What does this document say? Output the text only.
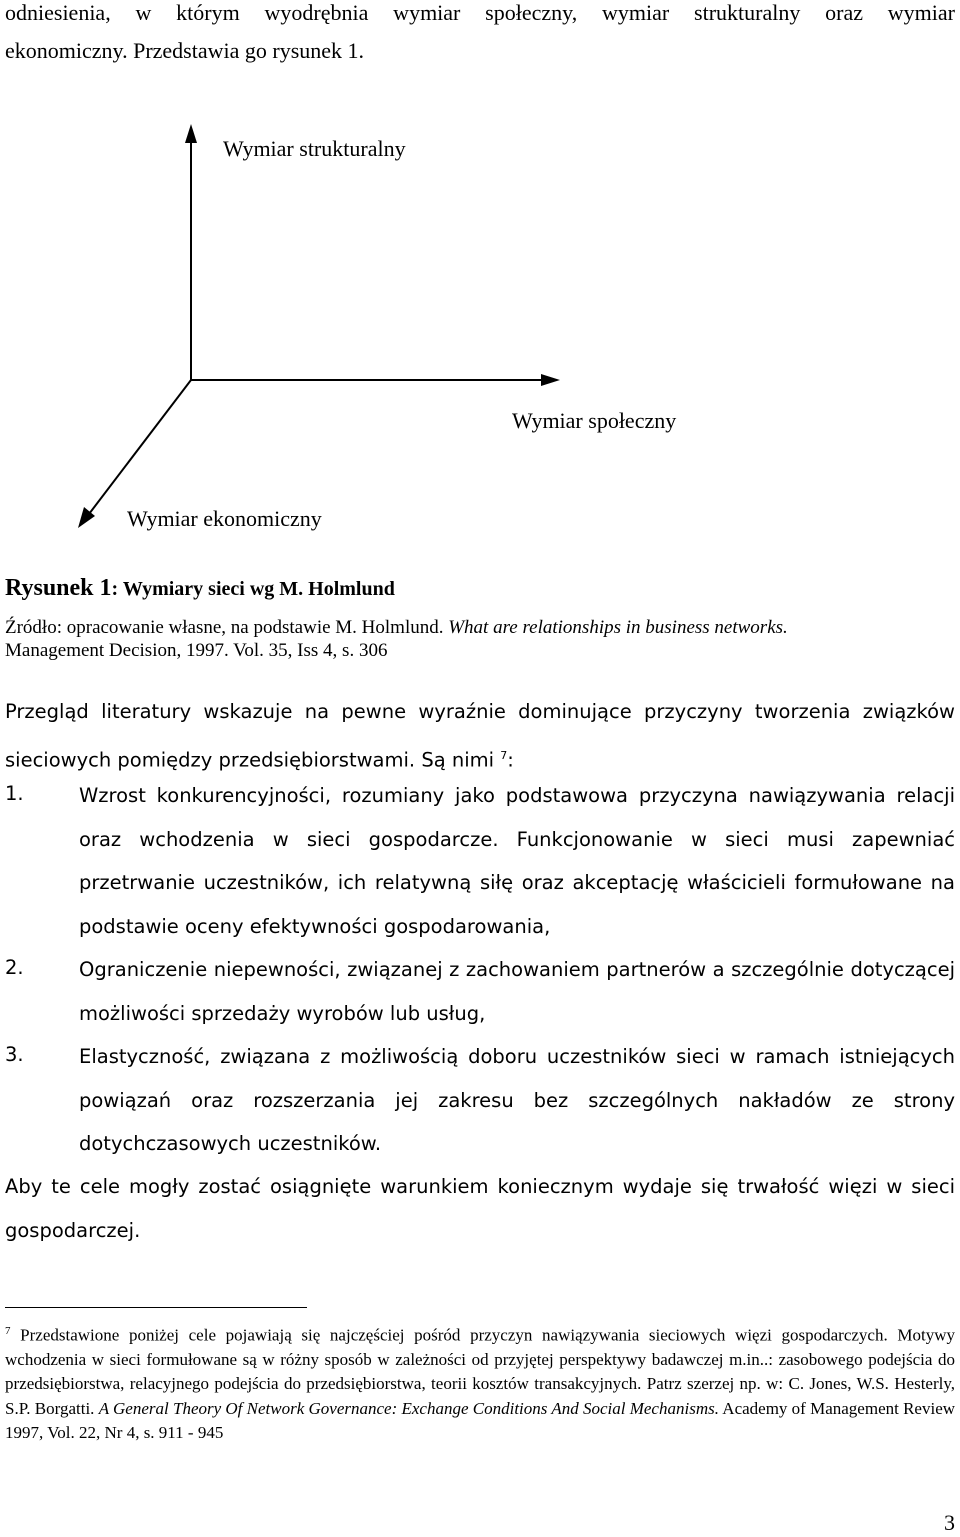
odniesienia, w którym wyodrębnia wymiar społeczny, wymiar strukturalny oraz wymiar
ekonomiczny. Przedstawia go rysunek 1.
Wymiar strukturalny
Wymiar społeczny
Wymiar ekonomiczny
Rysunek 1: Wymiary sieci wg M. Holmlund
Źródło: opracowanie własne, na podstawie M. Holmlund. What are relationships in business networks.
Management Decision, 1997. Vol. 35, Iss 4, s. 306
Przegląd literatury wskazuje na pewne wyraźnie dominujące przyczyny tworzenia związków sieciowych pomiędzy przedsiębiorstwami. Są nimi $^7$:
1.	Wzrost konkurencyjności, rozumiany jako podstawowa przyczyna nawiązywania relacji oraz wchodzenia w sieci gospodarcze. Funkcjonowanie w sieci musi zapewniać przetrwanie uczestników, ich relatywną siłę oraz akceptację właścicieli formułowane na podstawie oceny efektywności gospodarowania,
2.	Ograniczenie niepewności, związanej z zachowaniem partnerów a szczególnie dotyczącej możliwości sprzedaży wyrobów lub usług,
3.	Elastyczność, związana z możliwością doboru uczestników sieci w ramach istniejących powiązań oraz rozszerzania jej zakresu bez szczególnych nakładów ze strony dotychczasowych uczestników.
Aby te cele mogły zostać osiągnięte warunkiem koniecznym wydaje się trwałość więzi w sieci gospodarczej.
$^7$ Przedstawione poniżej cele pojawiają się najczęściej pośród przyczyn nawiązywania sieciowych więzi gospodarczych. Motywy wchodzenia w sieci formułowane są w różny sposób w zależności od przyjętej perspektywy badawczej m.in..: zasobowego podejścia do przedsiębiorstwa, relacyjnego podejścia do przedsiębiorstwa, teorii kosztów transakcyjnych. Patrz szerzej np. w: C. Jones, W.S. Hesterly, S.P. Borgatti. A General Theory Of Network Governance: Exchange Conditions And Social Mechanisms. Academy of Management Review 1997, Vol. 22, Nr 4, s. 911 - 945
3
